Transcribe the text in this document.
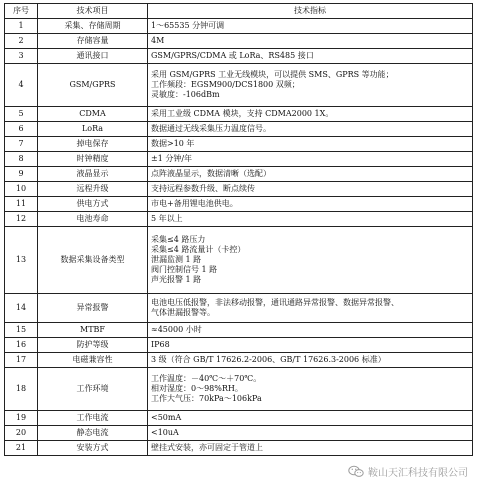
序号	技术项目	技术指标
1	采集、存储周期	1～65535 分钟可调

2	存储容量	4M

3	通讯接口	GSM/GPRS/CDMA 或 LoRa、RS485 接口

4	GSM/GPRS	采用 GSM/GPRS 工业无线模块，可以提供 SMS、GPRS 等功能；
工作频段：EGSM900/DCS1800 双频；
灵敏度：-106dBm

5	CDMA	采用工业级 CDMA 模块，支持 CDMA2000 1X。

6	LoRa	数据通过无线采集压力温度信号。

7	掉电保存	数据>10 年

8	时钟精度	±1 分钟/年

9	液晶显示	点阵液晶显示，数据清晰（选配）

10	远程升级	支持远程参数升级、断点续传

11	供电方式	市电+备用锂电池供电。

12	电池寿命	5 年以上

13	数据采集设备类型	采集≤4 路压力
采集≤4 路流量计（卡控）
泄漏监测 1 路
阀门控制信号 1 路
声光报警 1 路

14	异常报警	电池电压低报警，非法移动报警，通讯通路异常报警、数据异常报警、
气体泄漏报警等。

15	MTBF	≈45000 小时

16	防护等级	IP68

17	电磁兼容性	3 级（符合 GB/T 17626.2-2006、GB/T 17626.3-2006 标准）

18	工作环境	工作温度：－40℃～＋70℃。
相对湿度：0～98%RH。
工作大气压：70kPa～106kPa

19	工作电流	<50mA

20	静态电流	<10uA

21	安装方式	壁挂式安装，亦可固定于管道上
鞍山天汇科技有限公司
